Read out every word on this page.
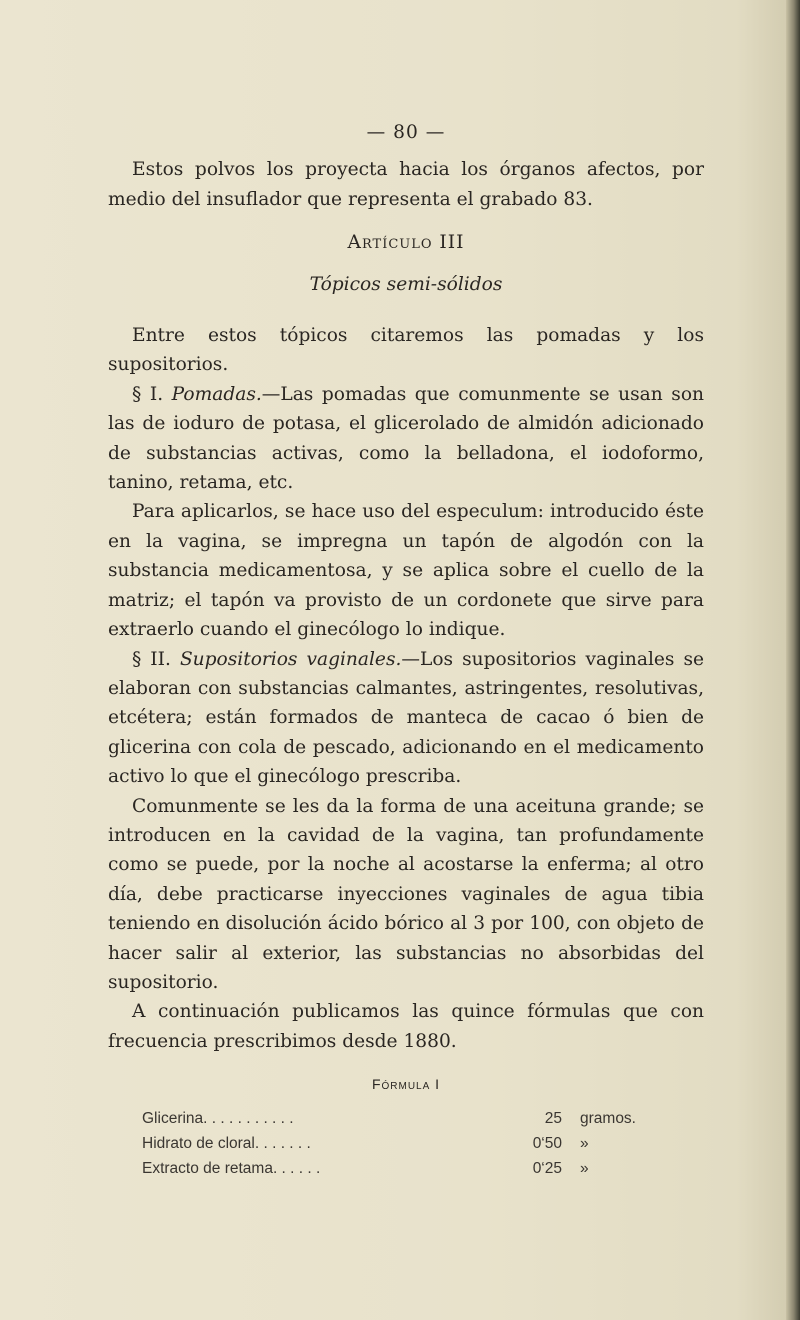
— 80 —

Estos polvos los proyecta hacia los órganos afectos, por medio del insuflador que representa el grabado 83.

Artículo III

Tópicos semi-sólidos

Entre estos tópicos citaremos las pomadas y los supositorios.

§ I. Pomadas.—Las pomadas que comunmente se usan son las de ioduro de potasa, el glicerolado de almidón adicionado de substancias activas, como la belladona, el iodoformo, tanino, retama, etc.

Para aplicarlos, se hace uso del especulum: introducido éste en la vagina, se impregna un tapón de algodón con la substancia medicamentosa, y se aplica sobre el cuello de la matriz; el tapón va provisto de un cordonete que sirve para extraerlo cuando el ginecólogo lo indique.

§ II. Supositorios vaginales.—Los supositorios vaginales se elaboran con substancias calmantes, astringentes, resolutivas, etcétera; están formados de manteca de cacao ó bien de glicerina con cola de pescado, adicionando en el medicamento activo lo que el ginecólogo prescriba.

Comunmente se les da la forma de una aceituna grande; se introducen en la cavidad de la vagina, tan profundamente como se puede, por la noche al acostarse la enferma; al otro día, debe practicarse inyecciones vaginales de agua tibia teniendo en disolución ácido bórico al 3 por 100, con objeto de hacer salir al exterior, las substancias no absorbidas del supositorio.

A continuación publicamos las quince fórmulas que con frecuencia prescribimos desde 1880.

Fórmula I
Glicerina. . . . . . . . . . .	25	gramos.
Hidrato de cloral. . . . . . .	0‘50	»
Extracto de retama. . . . . .	0‘25	»
